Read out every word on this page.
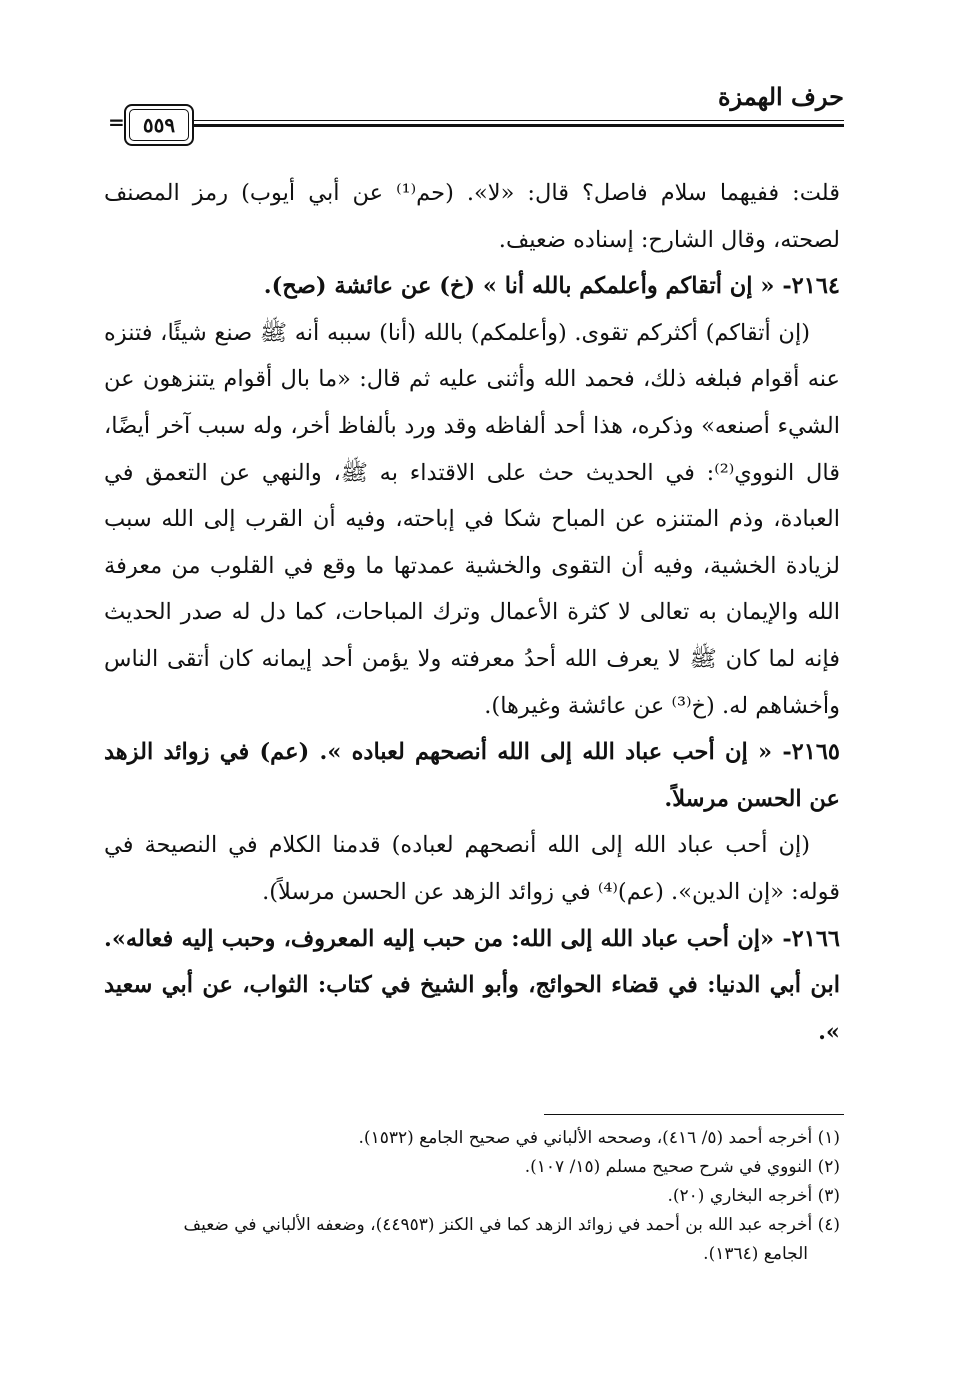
حرف الهمزة
٥٥٩
=

قلت: ففيهما سلام فاصل؟ قال: «لا». (حم⁽¹⁾ عن أبي أيوب) رمز المصنف لصحته، وقال الشارح: إسناده ضعيف.

٢١٦٤- « إن أتقاكم وأعلمكم بالله أنا » (خ) عن عائشة (صح).

(إن أتقاكم) أكثركم تقوى. (وأعلمكم) بالله (أنا) سببه أنه ﷺ صنع شيئًا، فتنزه عنه أقوام فبلغه ذلك، فحمد الله وأثنى عليه ثم قال: «ما بال أقوام يتنزهون عن الشيء أصنعه» وذكره، هذا أحد ألفاظه وقد ورد بألفاظ أخر، وله سبب آخر أيضًا، قال النووي⁽²⁾: في الحديث حث على الاقتداء به ﷺ، والنهي عن التعمق في العبادة، وذم المتنزه عن المباح شكا في إباحته، وفيه أن القرب إلى الله سبب لزيادة الخشية، وفيه أن التقوى والخشية عمدتها ما وقع في القلوب من معرفة الله والإيمان به تعالى لا كثرة الأعمال وترك المباحات، كما دل له صدر الحديث فإنه لما كان ﷺ لا يعرف الله أحدُ معرفته ولا يؤمن أحد إيمانه كان أتقى الناس وأخشاهم له. (خ⁽³⁾ عن عائشة وغيرها).

٢١٦٥- « إن أحب عباد الله إلى الله أنصحهم لعباده ». (عم) في زوائد الزهد عن الحسن مرسلاً.

(إن أحب عباد الله إلى الله أنصحهم لعباده) قدمنا الكلام في النصيحة في قوله: «إن الدين». (عم)⁽⁴⁾ في زوائد الزهد عن الحسن مرسلاً).

٢١٦٦- «إن أحب عباد الله إلى الله: من حبب إليه المعروف، وحبب إليه فعاله». ابن أبي الدنيا: في قضاء الحوائج، وأبو الشيخ في كتاب: الثواب، عن أبي سعيد ».

(١) أخرجه أحمد (٥/ ٤١٦)، وصححه الألباني في صحيح الجامع (١٥٣٢).

(٢) النووي في شرح صحيح مسلم (١٥/ ١٠٧).

(٣) أخرجه البخاري (٢٠).

(٤) أخرجه عبد الله بن أحمد في زوائد الزهد كما في الكنز (٤٤٩٥٣)، وضعفه الألباني في ضعيف
الجامع (١٣٦٤).
